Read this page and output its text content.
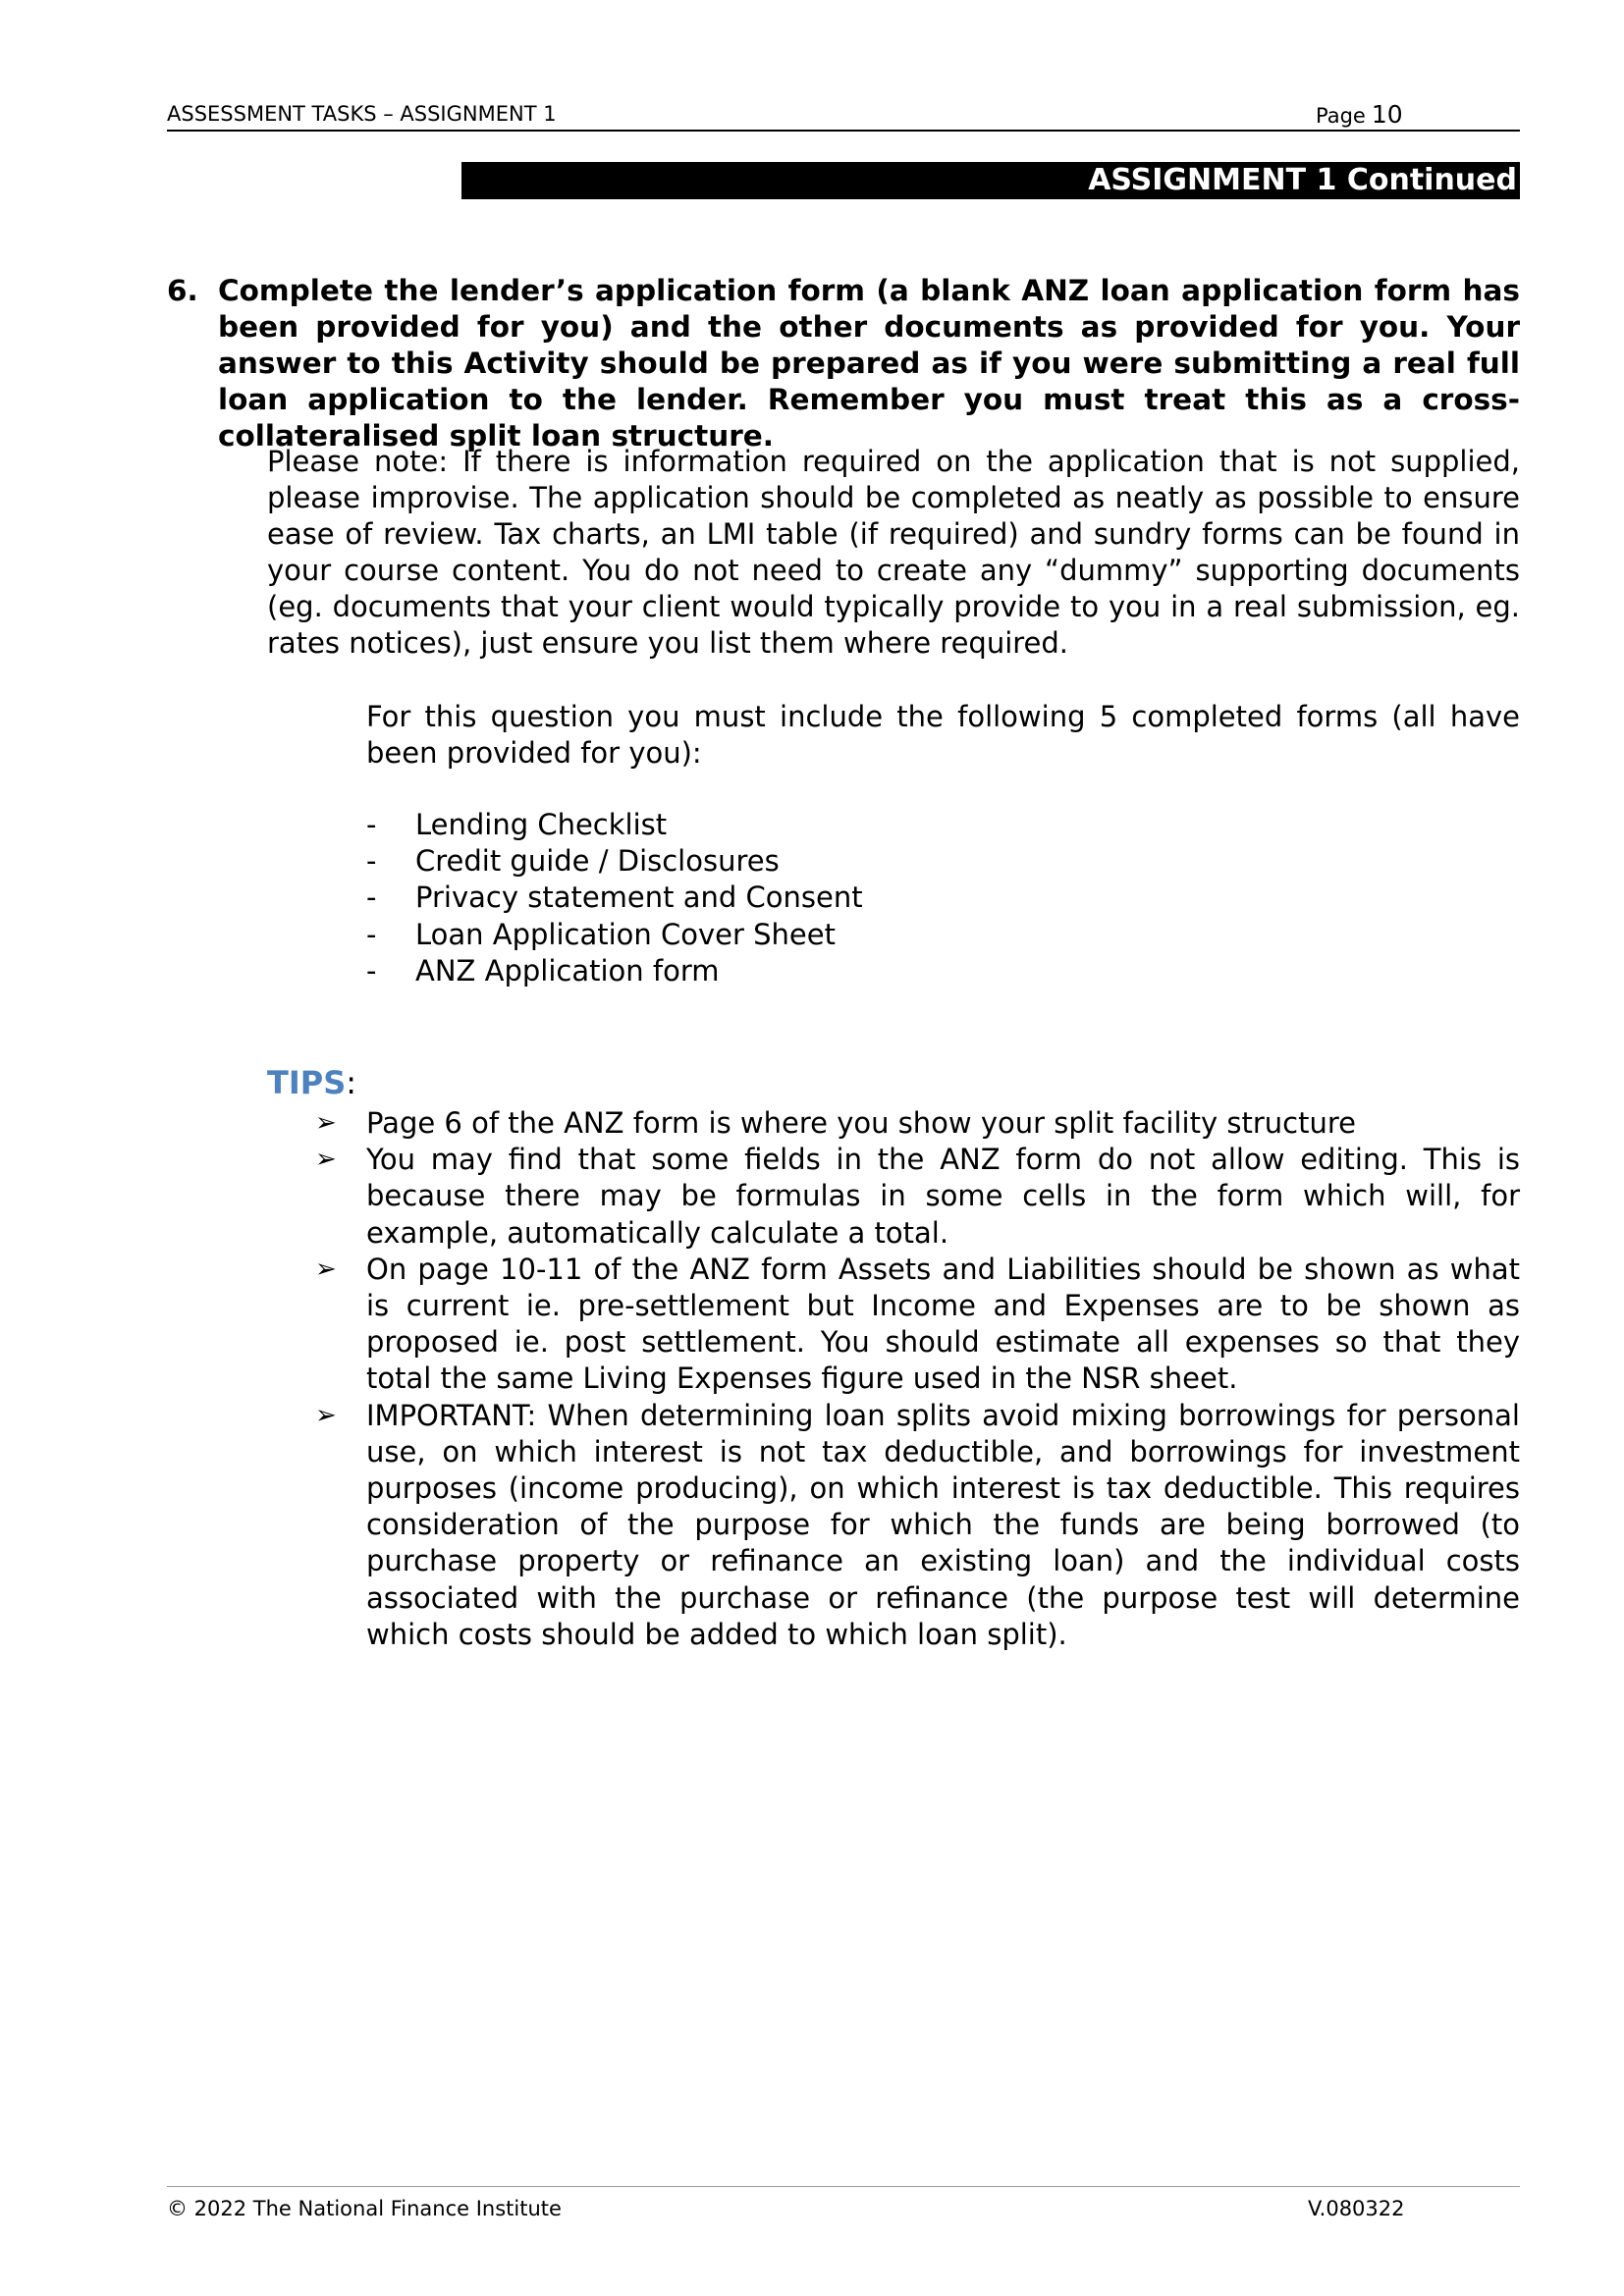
ASSESSMENT TASKS – ASSIGNMENT 1	Page 10
ASSIGNMENT 1 Continued
6. Complete the lender’s application form (a blank ANZ loan application form has been provided for you) and the other documents as provided for you. Your answer to this Activity should be prepared as if you were submitting a real full loan application to the lender. Remember you must treat this as a cross-collateralised split loan structure.
Please note: If there is information required on the application that is not supplied, please improvise. The application should be completed as neatly as possible to ensure ease of review. Tax charts, an LMI table (if required) and sundry forms can be found in your course content. You do not need to create any “dummy” supporting documents (eg. documents that your client would typically provide to you in a real submission, eg. rates notices), just ensure you list them where required.
For this question you must include the following 5 completed forms (all have been provided for you):
- Lending Checklist
- Credit guide / Disclosures
- Privacy statement and Consent
- Loan Application Cover Sheet
- ANZ Application form
TIPS:
➢ Page 6 of the ANZ form is where you show your split facility structure
➢ You may find that some fields in the ANZ form do not allow editing. This is because there may be formulas in some cells in the form which will, for example, automatically calculate a total.
➢ On page 10-11 of the ANZ form Assets and Liabilities should be shown as what is current ie. pre-settlement but Income and Expenses are to be shown as proposed ie. post settlement. You should estimate all expenses so that they total the same Living Expenses figure used in the NSR sheet.
➢ IMPORTANT: When determining loan splits avoid mixing borrowings for personal use, on which interest is not tax deductible, and borrowings for investment purposes (income producing), on which interest is tax deductible. This requires consideration of the purpose for which the funds are being borrowed (to purchase property or refinance an existing loan) and the individual costs associated with the purchase or refinance (the purpose test will determine which costs should be added to which loan split).
© 2022 The National Finance Institute	V.080322
